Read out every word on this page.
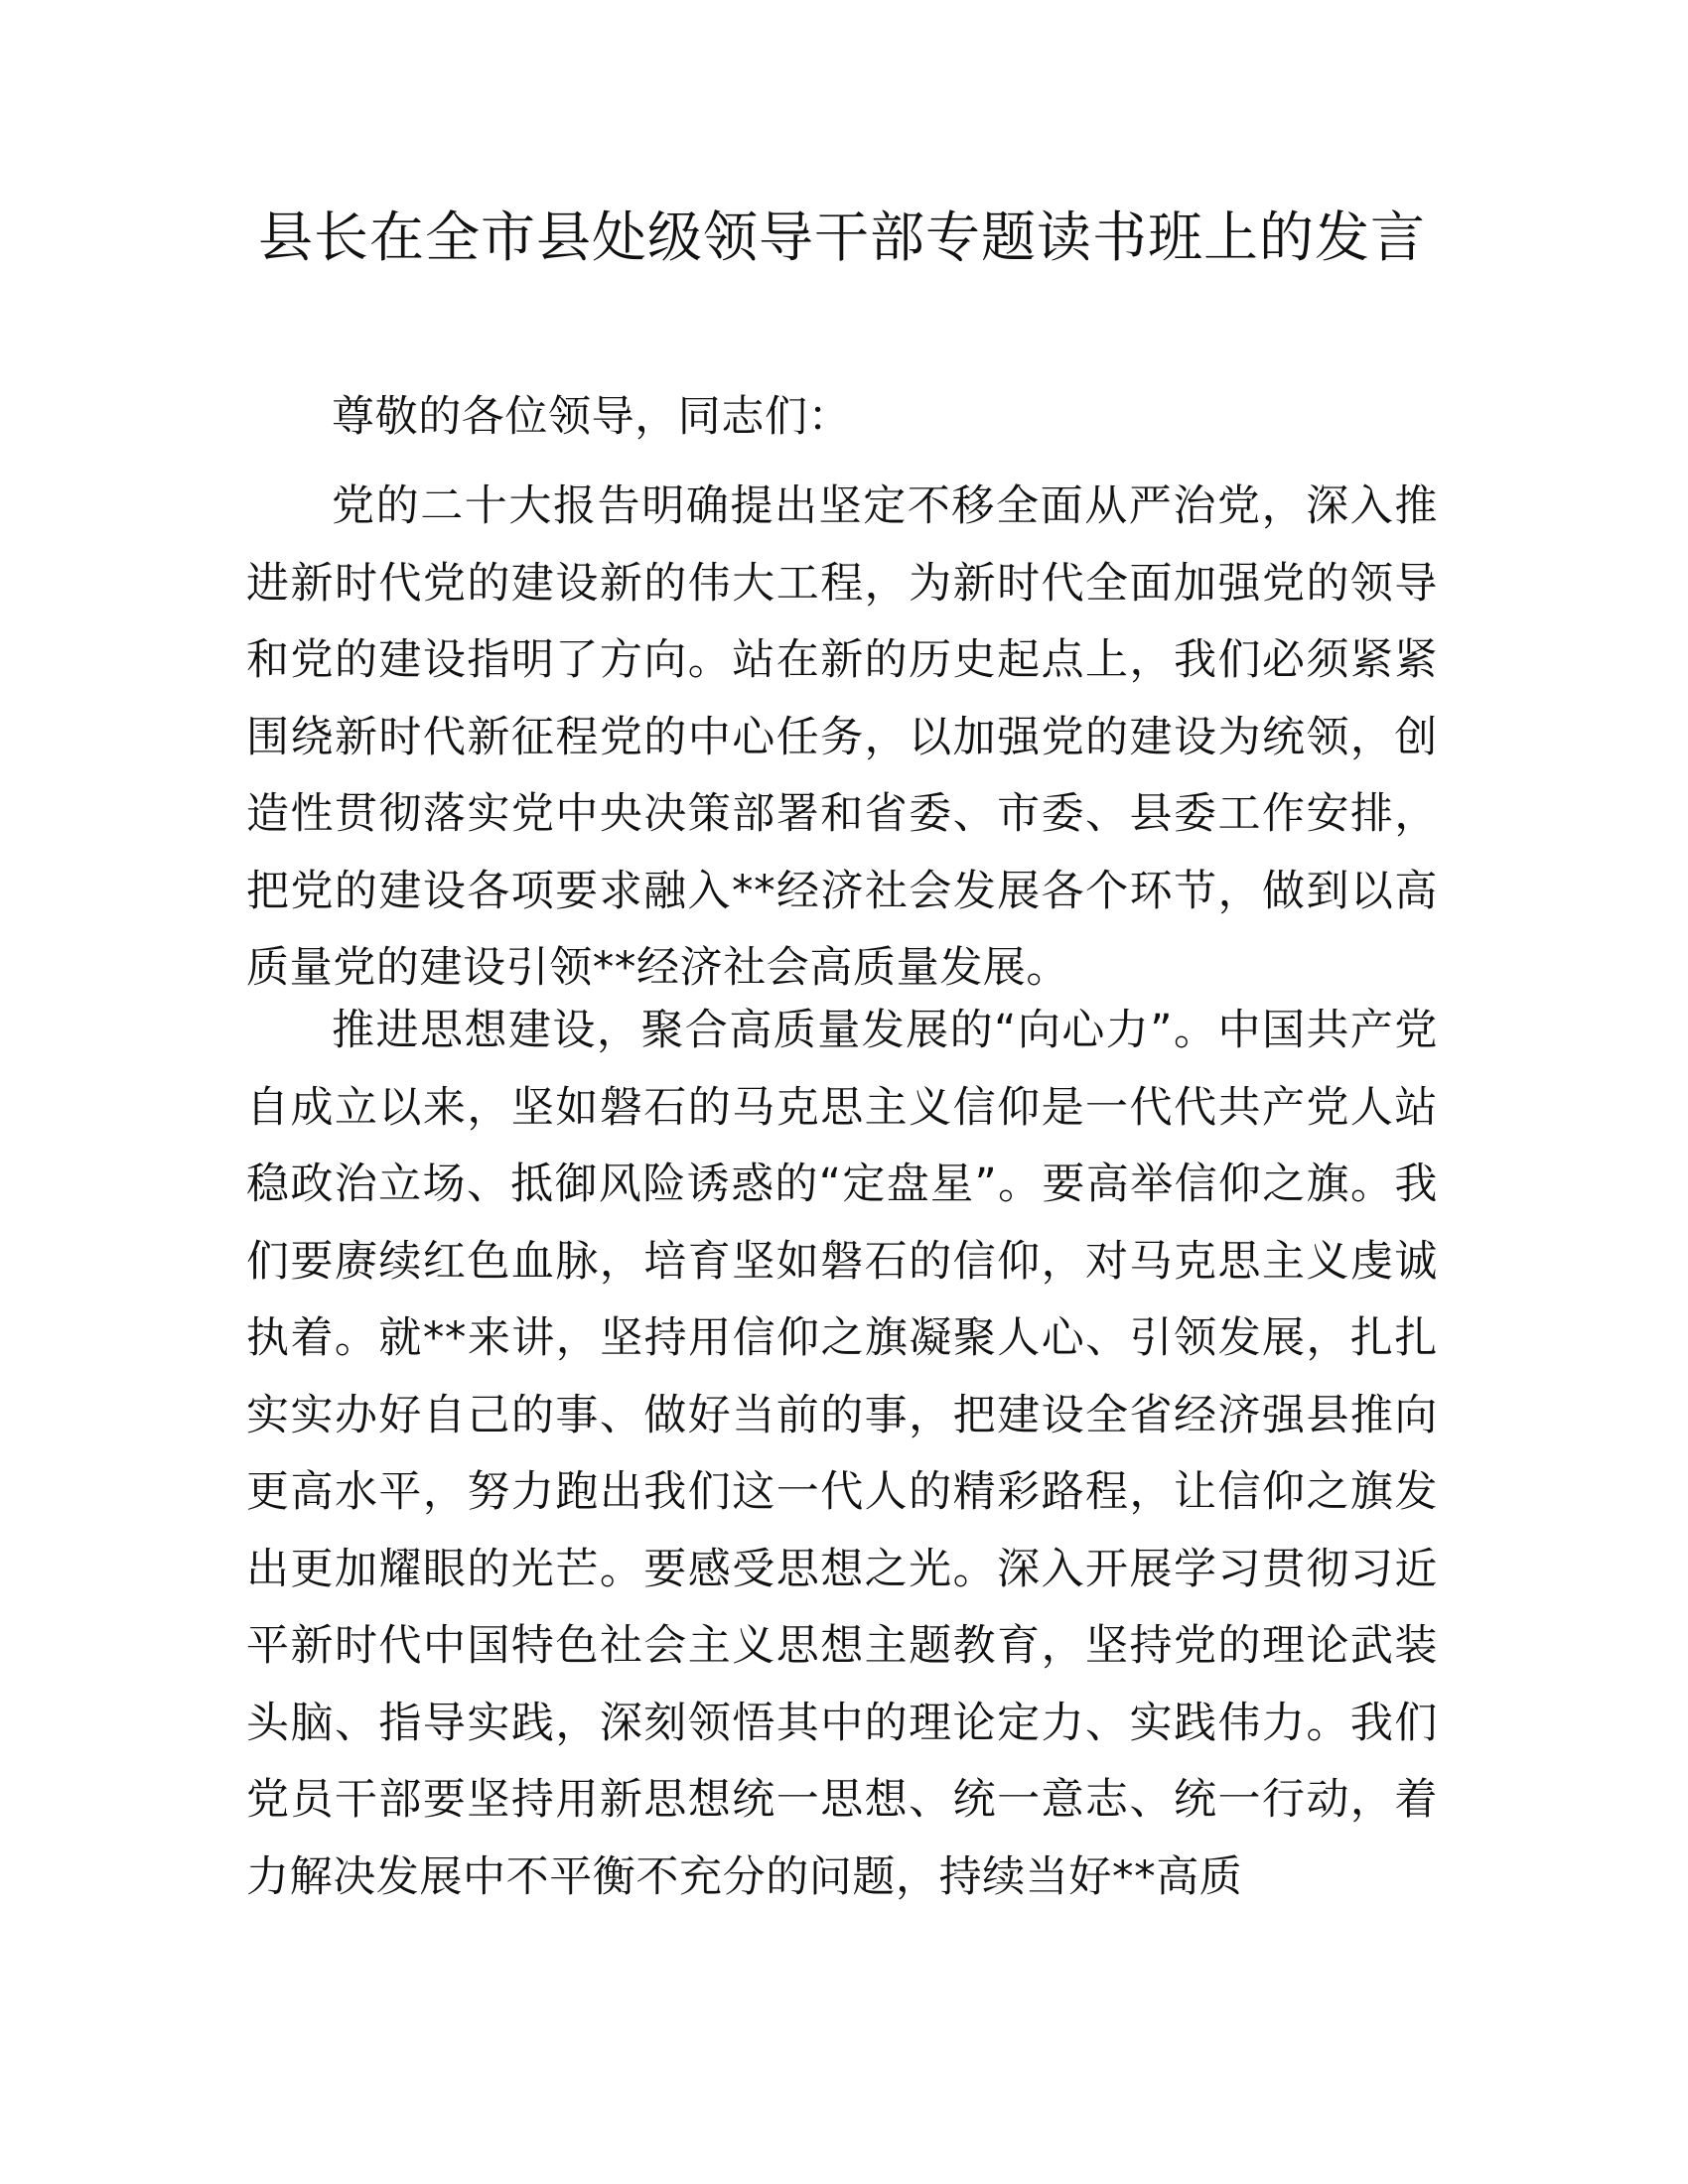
县长在全市县处级领导干部专题读书班上的发言

尊敬的各位领导，同志们：

党的二十大报告明确提出坚定不移全面从严治党，深入推进新时代党的建设新的伟大工程，为新时代全面加强党的领导和党的建设指明了方向。站在新的历史起点上，我们必须紧紧围绕新时代新征程党的中心任务，以加强党的建设为统领，创造性贯彻落实党中央决策部署和省委、市委、县委工作安排，把党的建设各项要求融入**经济社会发展各个环节，做到以高质量党的建设引领**经济社会高质量发展。

推进思想建设，聚合高质量发展的“向心力”。中国共产党自成立以来，坚如磐石的马克思主义信仰是一代代共产党人站稳政治立场、抵御风险诱惑的“定盘星”。要高举信仰之旗。我们要赓续红色血脉，培育坚如磐石的信仰，对马克思主义虔诚执着。就**来讲，坚持用信仰之旗凝聚人心、引领发展，扎扎实实办好自己的事、做好当前的事，把建设全省经济强县推向更高水平，努力跑出我们这一代人的精彩路程，让信仰之旗发出更加耀眼的光芒。要感受思想之光。深入开展学习贯彻习近平新时代中国特色社会主义思想主题教育，坚持党的理论武装头脑、指导实践，深刻领悟其中的理论定力、实践伟力。我们党员干部要坚持用新思想统一思想、统一意志、统一行动，着力解决发展中不平衡不充分的问题，持续当好**高质
